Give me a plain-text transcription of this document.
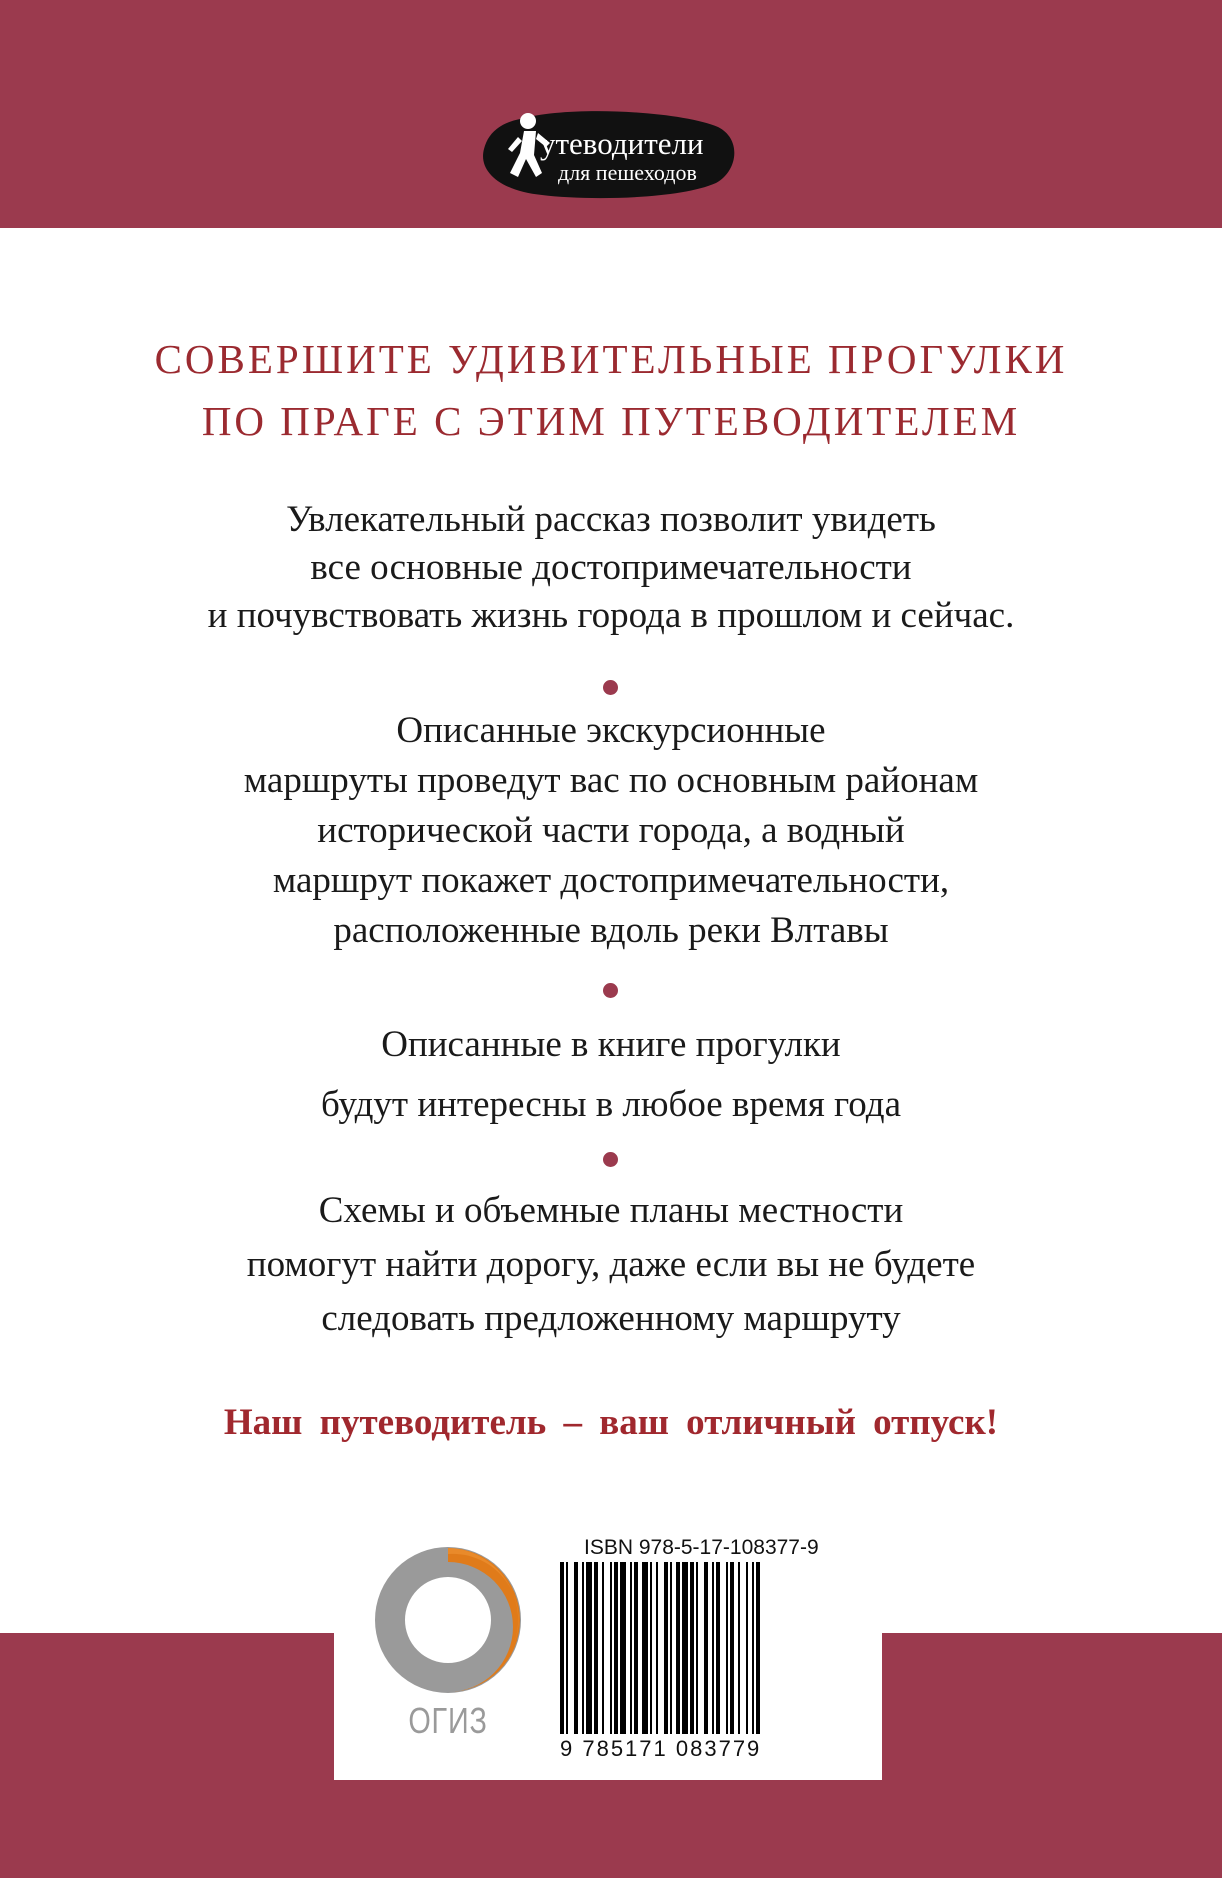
утеводители
для пешеходов
СОВЕРШИТЕ УДИВИТЕЛЬНЫЕ ПРОГУЛКИ
ПО ПРАГЕ С ЭТИМ ПУТЕВОДИТЕЛЕМ
Увлекательный рассказ позволит увидеть
все основные достопримечательности
и почувствовать жизнь города в прошлом и сейчас.
Описанные экскурсионные
маршруты проведут вас по основным районам
исторической части города, а водный
маршрут покажет достопримечательности,
расположенные вдоль реки Влтавы
Описанные в книге прогулки
будут интересны в любое время года
Схемы и объемные планы местности
помогут найти дорогу, даже если вы не будете
следовать предложенному маршруту
Наш путеводитель – ваш отличный отпуск!
ОГИЗ
ISBN 978-5-17-108377-9
9 785171 083779
